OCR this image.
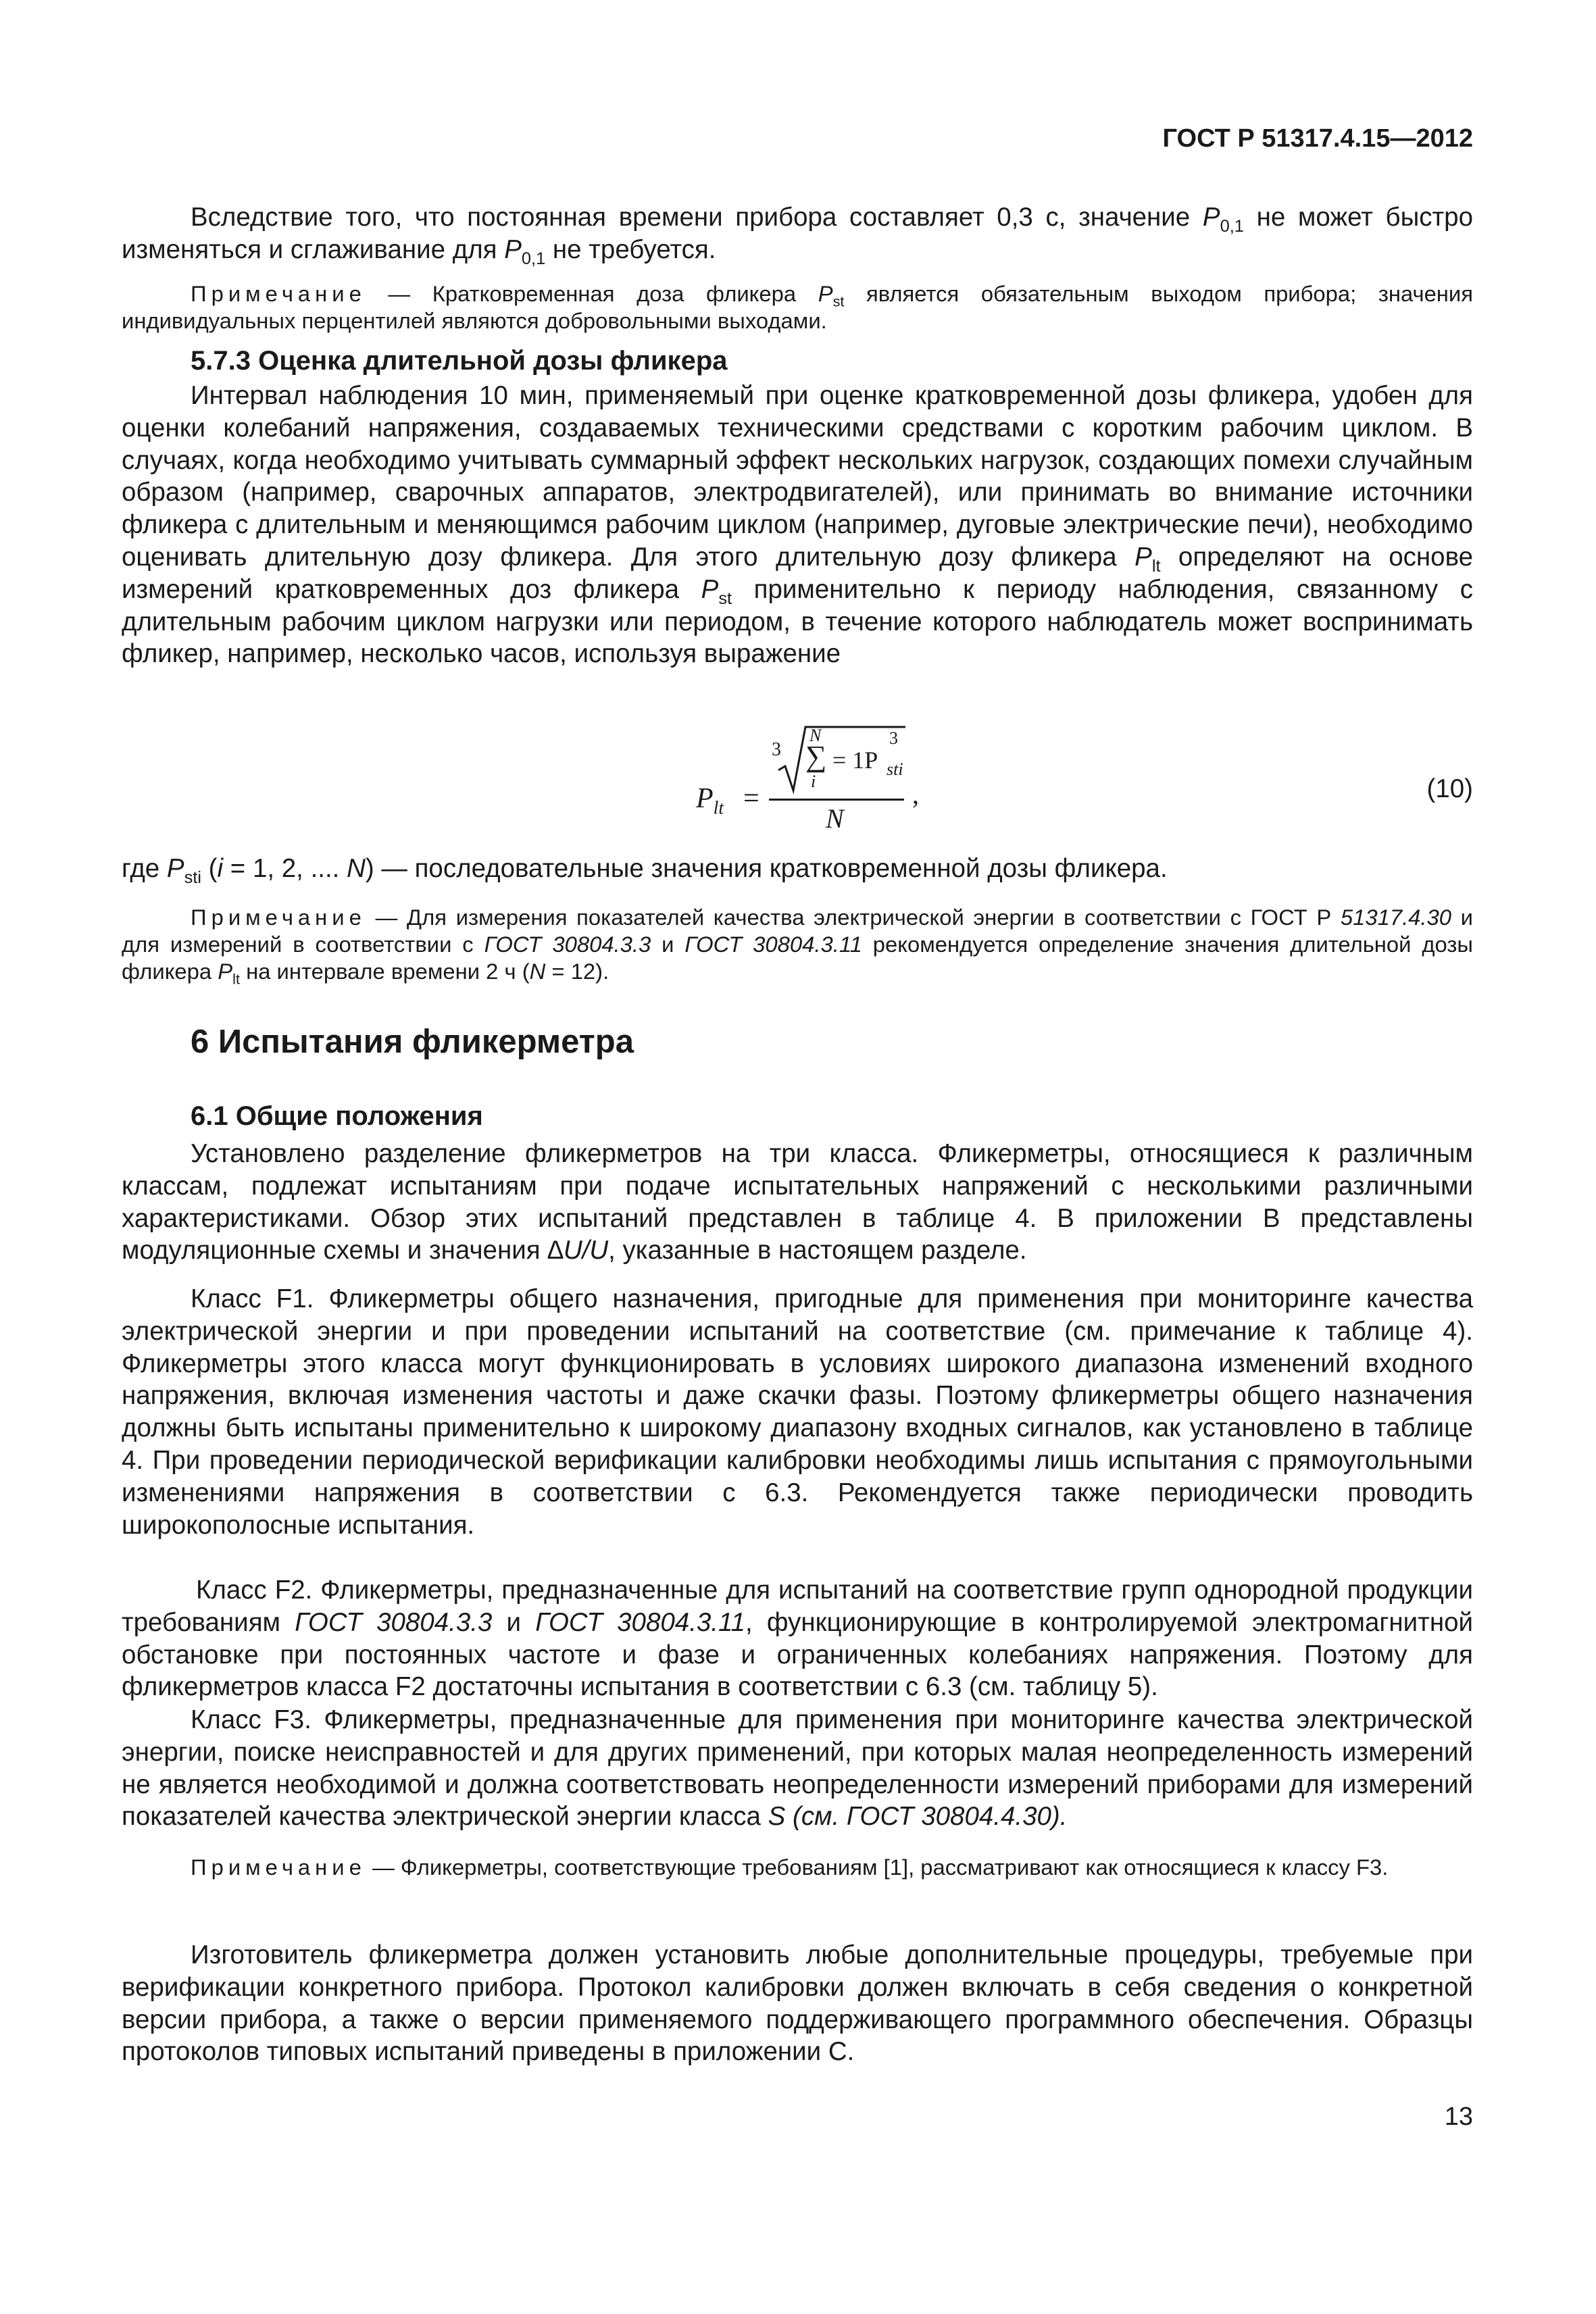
ГОСТ Р 51317.4.15—2012

Вследствие того, что постоянная времени прибора составляет 0,3 с, значение $P_{0,1}$ не может быстро изменяться и сглаживание для $P_{0,1}$ не требуется.

Примечание — Кратковременная доза фликера $P_{st}$ является обязательным выходом прибора; значения индивидуальных перцентилей являются добровольными выходами.

5.7.3 Оценка длительной дозы фликера

Интервал наблюдения 10 мин, применяемый при оценке кратковременной дозы фликера, удобен для оценки колебаний напряжения, создаваемых техническими средствами с коротким рабочим циклом. В случаях, когда необходимо учитывать суммарный эффект нескольких нагрузок, создающих помехи случайным образом (например, сварочных аппаратов, электродвигателей), или принимать во внимание источники фликера с длительным и меняющимся рабочим циклом (например, дуговые электрические печи), необходимо оценивать длительную дозу фликера. Для этого длительную дозу фликера $P_{lt}$ определяют на основе измерений кратковременных доз фликера $P_{st}$ применительно к периоду наблюдения, связанному с длительным рабочим циклом нагрузки или периодом, в течение которого наблюдатель может воспринимать фликер, например, несколько часов, используя выражение

$P_{lt}$ =
3
N
∑
i
= 1P
3
sti
N
,	(10)

где $P_{sti}$ (i = 1, 2, .... N) — последовательные значения кратковременной дозы фликера.

Примечание — Для измерения показателей качества электрической энергии в соответствии с ГОСТ Р 51317.4.30 и для измерений в соответствии с ГОСТ 30804.3.3 и ГОСТ 30804.3.11 рекомендуется определение значения длительной дозы фликера $P_{lt}$ на интервале времени 2 ч (N = 12).

6 Испытания фликерметра
6.1 Общие положения

Установлено разделение фликерметров на три класса. Фликерметры, относящиеся к различным классам, подлежат испытаниям при подаче испытательных напряжений с несколькими различными характеристиками. Обзор этих испытаний представлен в таблице 4. В приложении В представлены модуляционные схемы и значения ∆U/U, указанные в настоящем разделе.

Класс F1. Фликерметры общего назначения, пригодные для применения при мониторинге качества электрической энергии и при проведении испытаний на соответствие (см. примечание к таблице 4). Фликерметры этого класса могут функционировать в условиях широкого диапазона изменений входного напряжения, включая изменения частоты и даже скачки фазы. Поэтому фликерметры общего назначения должны быть испытаны применительно к широкому диапазону входных сигналов, как установлено в таблице 4. При проведении периодической верификации калибровки необходимы лишь испытания с прямоугольными изменениями напряжения в соответствии с 6.3. Рекомендуется также периодически проводить широкополосные испытания.

Класс F2. Фликерметры, предназначенные для испытаний на соответствие групп однородной продукции требованиям ГОСТ 30804.3.3 и ГОСТ 30804.3.11, функционирующие в контролируемой электромагнитной обстановке при постоянных частоте и фазе и ограниченных колебаниях напряжения. Поэтому для фликерметров класса F2 достаточны испытания в соответствии с 6.3 (см. таблицу 5).

Класс F3. Фликерметры, предназначенные для применения при мониторинге качества электрической энергии, поиске неисправностей и для других применений, при которых малая неопределенность измерений не является необходимой и должна соответствовать неопределенности измерений приборами для измерений показателей качества электрической энергии класса S (см. ГОСТ 30804.4.30).

Примечание — Фликерметры, соответствующие требованиям [1], рассматривают как относящиеся к классу F3.

Изготовитель фликерметра должен установить любые дополнительные процедуры, требуемые при верификации конкретного прибора. Протокол калибровки должен включать в себя сведения о конкретной версии прибора, а также о версии применяемого поддерживающего программного обеспечения. Образцы протоколов типовых испытаний приведены в приложении С.

13
